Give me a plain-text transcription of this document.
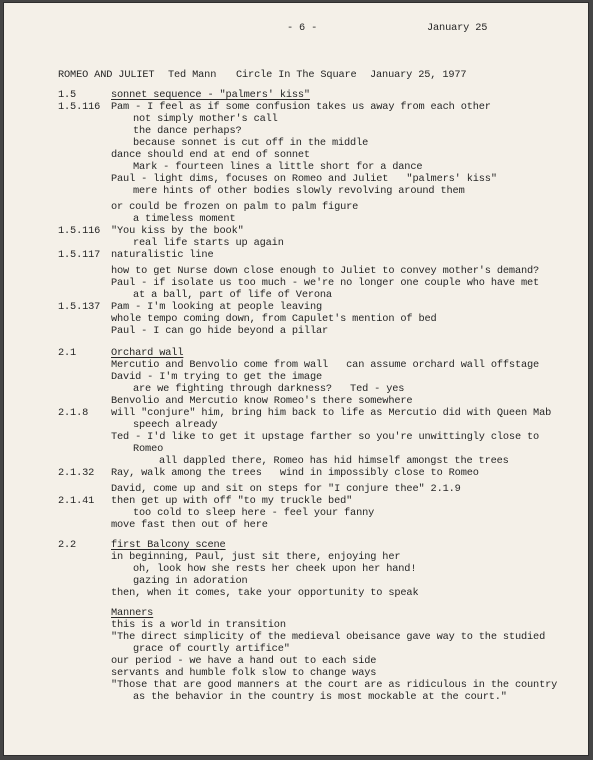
- 6 -	January 25
ROMEO AND JULIET Ted Mann Circle In The Square January 25, 1977
1.5	sonnet sequence - "palmers' kiss"
1.5.116 Pam - I feel as if some confusion takes us away from each other
not simply mother's call
the dance perhaps?
because sonnet is cut off in the middle
dance should end at end of sonnet
Mark - fourteen lines a little short for a dance
Paul - light dims, focuses on Romeo and Juliet   "palmers' kiss"
mere hints of other bodies slowly revolving around them
or could be frozen on palm to palm figure
a timeless moment
1.5.116 "You kiss by the book"
real life starts up again
1.5.117 naturalistic line
how to get Nurse down close enough to Juliet to convey mother's demand?
Paul - if isolate us too much - we're no longer one couple who have met
at a ball, part of life of Verona
1.5.137 Pam - I'm looking at people leaving
whole tempo coming down, from Capulet's mention of bed
Paul - I can go hide beyond a pillar
2.1	Orchard wall
Mercutio and Benvolio come from wall   can assume orchard wall offstage
David - I'm trying to get the image
are we fighting through darkness?   Ted - yes
Benvolio and Mercutio know Romeo's there somewhere
2.1.8 will "conjure" him, bring him back to life as Mercutio did with Queen Mab
speech already
Ted - I'd like to get it upstage farther so you're unwittingly close to
Romeo
all dappled there, Romeo has hid himself amongst the trees
2.1.32 Ray, walk among the trees   wind in impossibly close to Romeo
David, come up and sit on steps for "I conjure thee" 2.1.9
2.1.41 then get up with off "to my truckle bed"
too cold to sleep here - feel your fanny
move fast then out of here
2.2	first Balcony scene
in beginning, Paul, just sit there, enjoying her
oh, look how she rests her cheek upon her hand!
gazing in adoration
then, when it comes, take your opportunity to speak
Manners
this is a world in transition
"The direct simplicity of the medieval obeisance gave way to the studied
grace of courtly artifice"
our period - we have a hand out to each side
servants and humble folk slow to change ways
"Those that are good manners at the court are as ridiculous in the country
as the behavior in the country is most mockable at the court."
